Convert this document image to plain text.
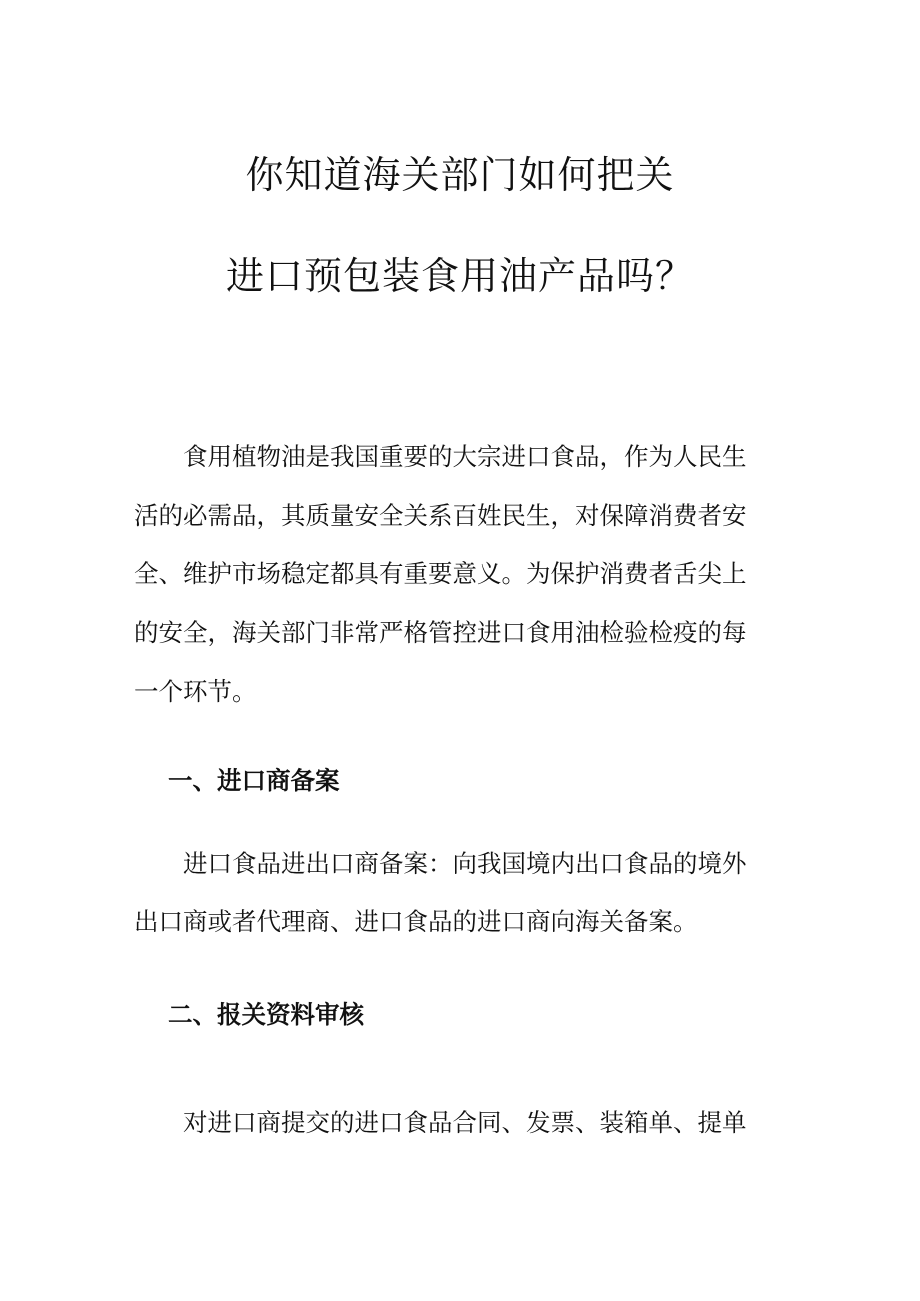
你知道海关部门如何把关
进口预包装食用油产品吗？

食用植物油是我国重要的大宗进口食品，作为人民生

活的必需品，其质量安全关系百姓民生，对保障消费者安

全、维护市场稳定都具有重要意义。为保护消费者舌尖上

的安全，海关部门非常严格管控进口食用油检验检疫的每

一个环节。

一、进口商备案

进口食品进出口商备案：向我国境内出口食品的境外

出口商或者代理商、进口食品的进口商向海关备案。

二、报关资料审核

对进口商提交的进口食品合同、发票、装箱单、提单
